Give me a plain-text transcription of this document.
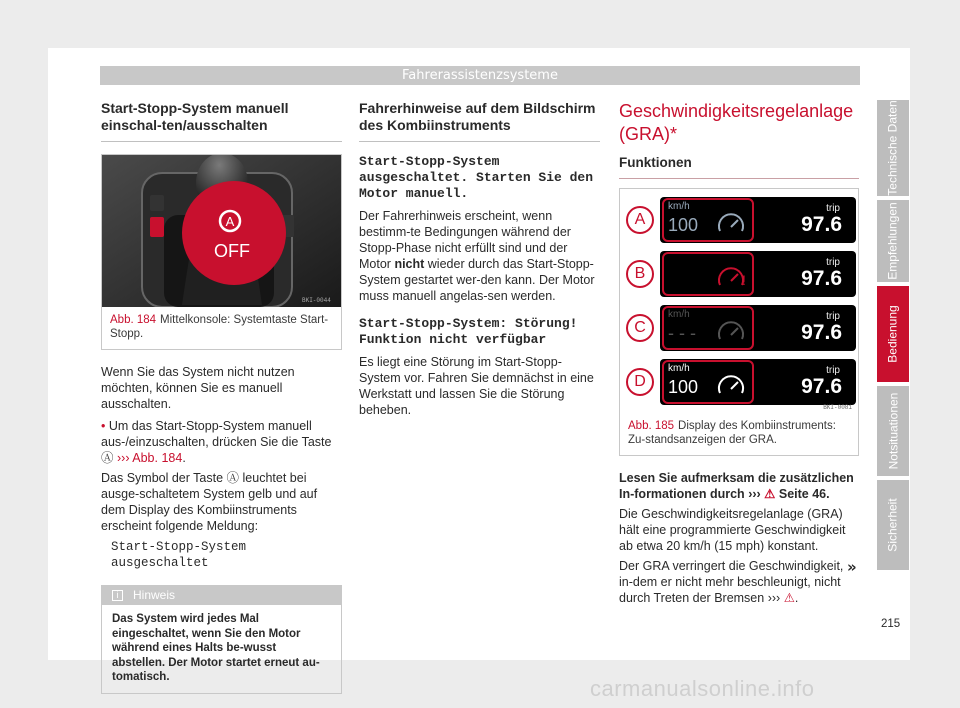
Fahrerassistenzsysteme
Start-Stopp-System manuell einschal-ten/ausschalten
A
BKI-0044
OFF
Abb. 184 Mittelkonsole: Systemtaste Start-Stopp.

Wenn Sie das System nicht nutzen möchten, können Sie es manuell ausschalten.

• Um das Start-Stopp-System manuell aus-/einzuschalten, drücken Sie die Taste Ⓐ ››› Abb. 184.

Das Symbol der Taste Ⓐ leuchtet bei ausge-schaltetem System gelb und auf dem Display des Kombiinstruments erscheint folgende Meldung:

Start-Stopp-System ausgeschaltet

i	Hinweis
Das System wird jedes Mal eingeschaltet, wenn Sie den Motor während eines Halts be-wusst abstellen. Der Motor startet erneut au-tomatisch.
Fahrerhinweise auf dem Bildschirm des Kombiinstruments
Start-Stopp-System ausgeschaltet. Starten Sie den Motor manuell.
Der Fahrerhinweis erscheint, wenn bestimm-te Bedingungen während der Stopp-Phase nicht erfüllt sind und der Motor nicht wieder durch das Start-Stopp-System gestartet wer-den kann. Der Motor muss manuell angelas-sen werden.
Start-Stopp-System: Störung! Funktion nicht verfügbar
Es liegt eine Störung im Start-Stopp-System vor. Fahren Sie demnächst in eine Werkstatt und lassen Sie die Störung beheben.
Geschwindigkeitsregelanlage (GRA)*
Funktionen
A
km/h
100
trip
97.6
B	!
trip
97.6
C
km/h
- - -
trip
97.6
D
km/h
100
trip
97.6
BKI-0081
Abb. 185 Display des Kombiinstruments: Zu-standsanzeigen der GRA.

Lesen Sie aufmerksam die zusätzlichen In-formationen durch ››› ⚠ Seite 46.

Die Geschwindigkeitsregelanlage (GRA) hält eine programmierte Geschwindigkeit ab etwa 20 km/h (15 mph) konstant.

Der GRA verringert die Geschwindigkeit, in-dem er nicht mehr beschleunigt, nicht durch Treten der Bremsen ››› ⚠.

»
Technische Daten
Empfehlungen
Bedienung
Notsituationen
Sicherheit
215
carmanualsonline.info
